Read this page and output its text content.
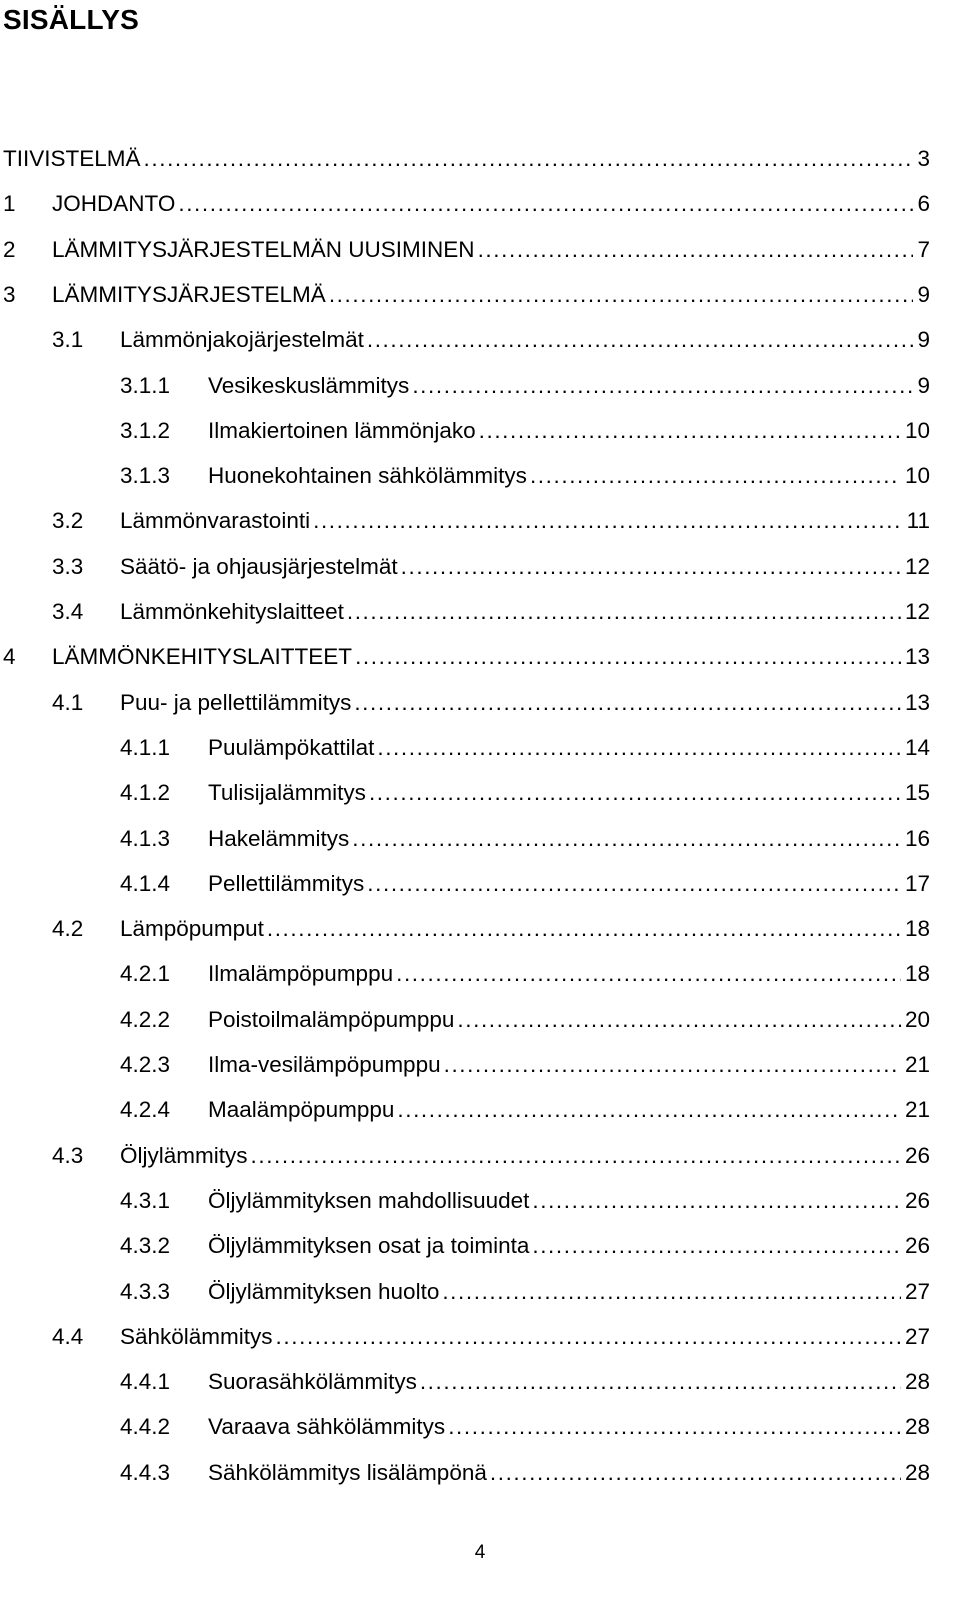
SISÄLLYS
TIIVISTELMÄ .....	3
1 JOHDANTO .....	6
2 LÄMMITYSJÄRJESTELMÄN UUSIMINEN .....	7
3 LÄMMITYSJÄRJESTELMÄ .....	9
3.1 Lämmönjakojärjestelmät .....	9
3.1.1 Vesikeskuslämmitys .....	9
3.1.2 Ilmakiertoinen lämmönjako .....	10
3.1.3 Huonekohtainen sähkölämmitys .....	10
3.2 Lämmönvarastointi .....	11
3.3 Säätö- ja ohjausjärjestelmät .....	12
3.4 Lämmönkehityslaitteet .....	12
4 LÄMMÖNKEHITYSLAITTEET .....	13
4.1 Puu- ja pellettilämmitys .....	13
4.1.1 Puulämpökattilat .....	14
4.1.2 Tulisijalämmitys .....	15
4.1.3 Hakelämmitys .....	16
4.1.4 Pellettilämmitys .....	17
4.2 Lämpöpumput .....	18
4.2.1 Ilmalämpöpumppu .....	18
4.2.2 Poistoilmalämpöpumppu .....	20
4.2.3 Ilma-vesilämpöpumppu .....	21
4.2.4 Maalämpöpumppu .....	21
4.3 Öljylämmitys .....	26
4.3.1 Öljylämmityksen mahdollisuudet .....	26
4.3.2 Öljylämmityksen osat ja toiminta .....	26
4.3.3 Öljylämmityksen huolto .....	27
4.4 Sähkölämmitys .....	27
4.4.1 Suorasähkölämmitys .....	28
4.4.2 Varaava sähkölämmitys .....	28
4.4.3 Sähkölämmitys lisälämpönä .....	28
4
